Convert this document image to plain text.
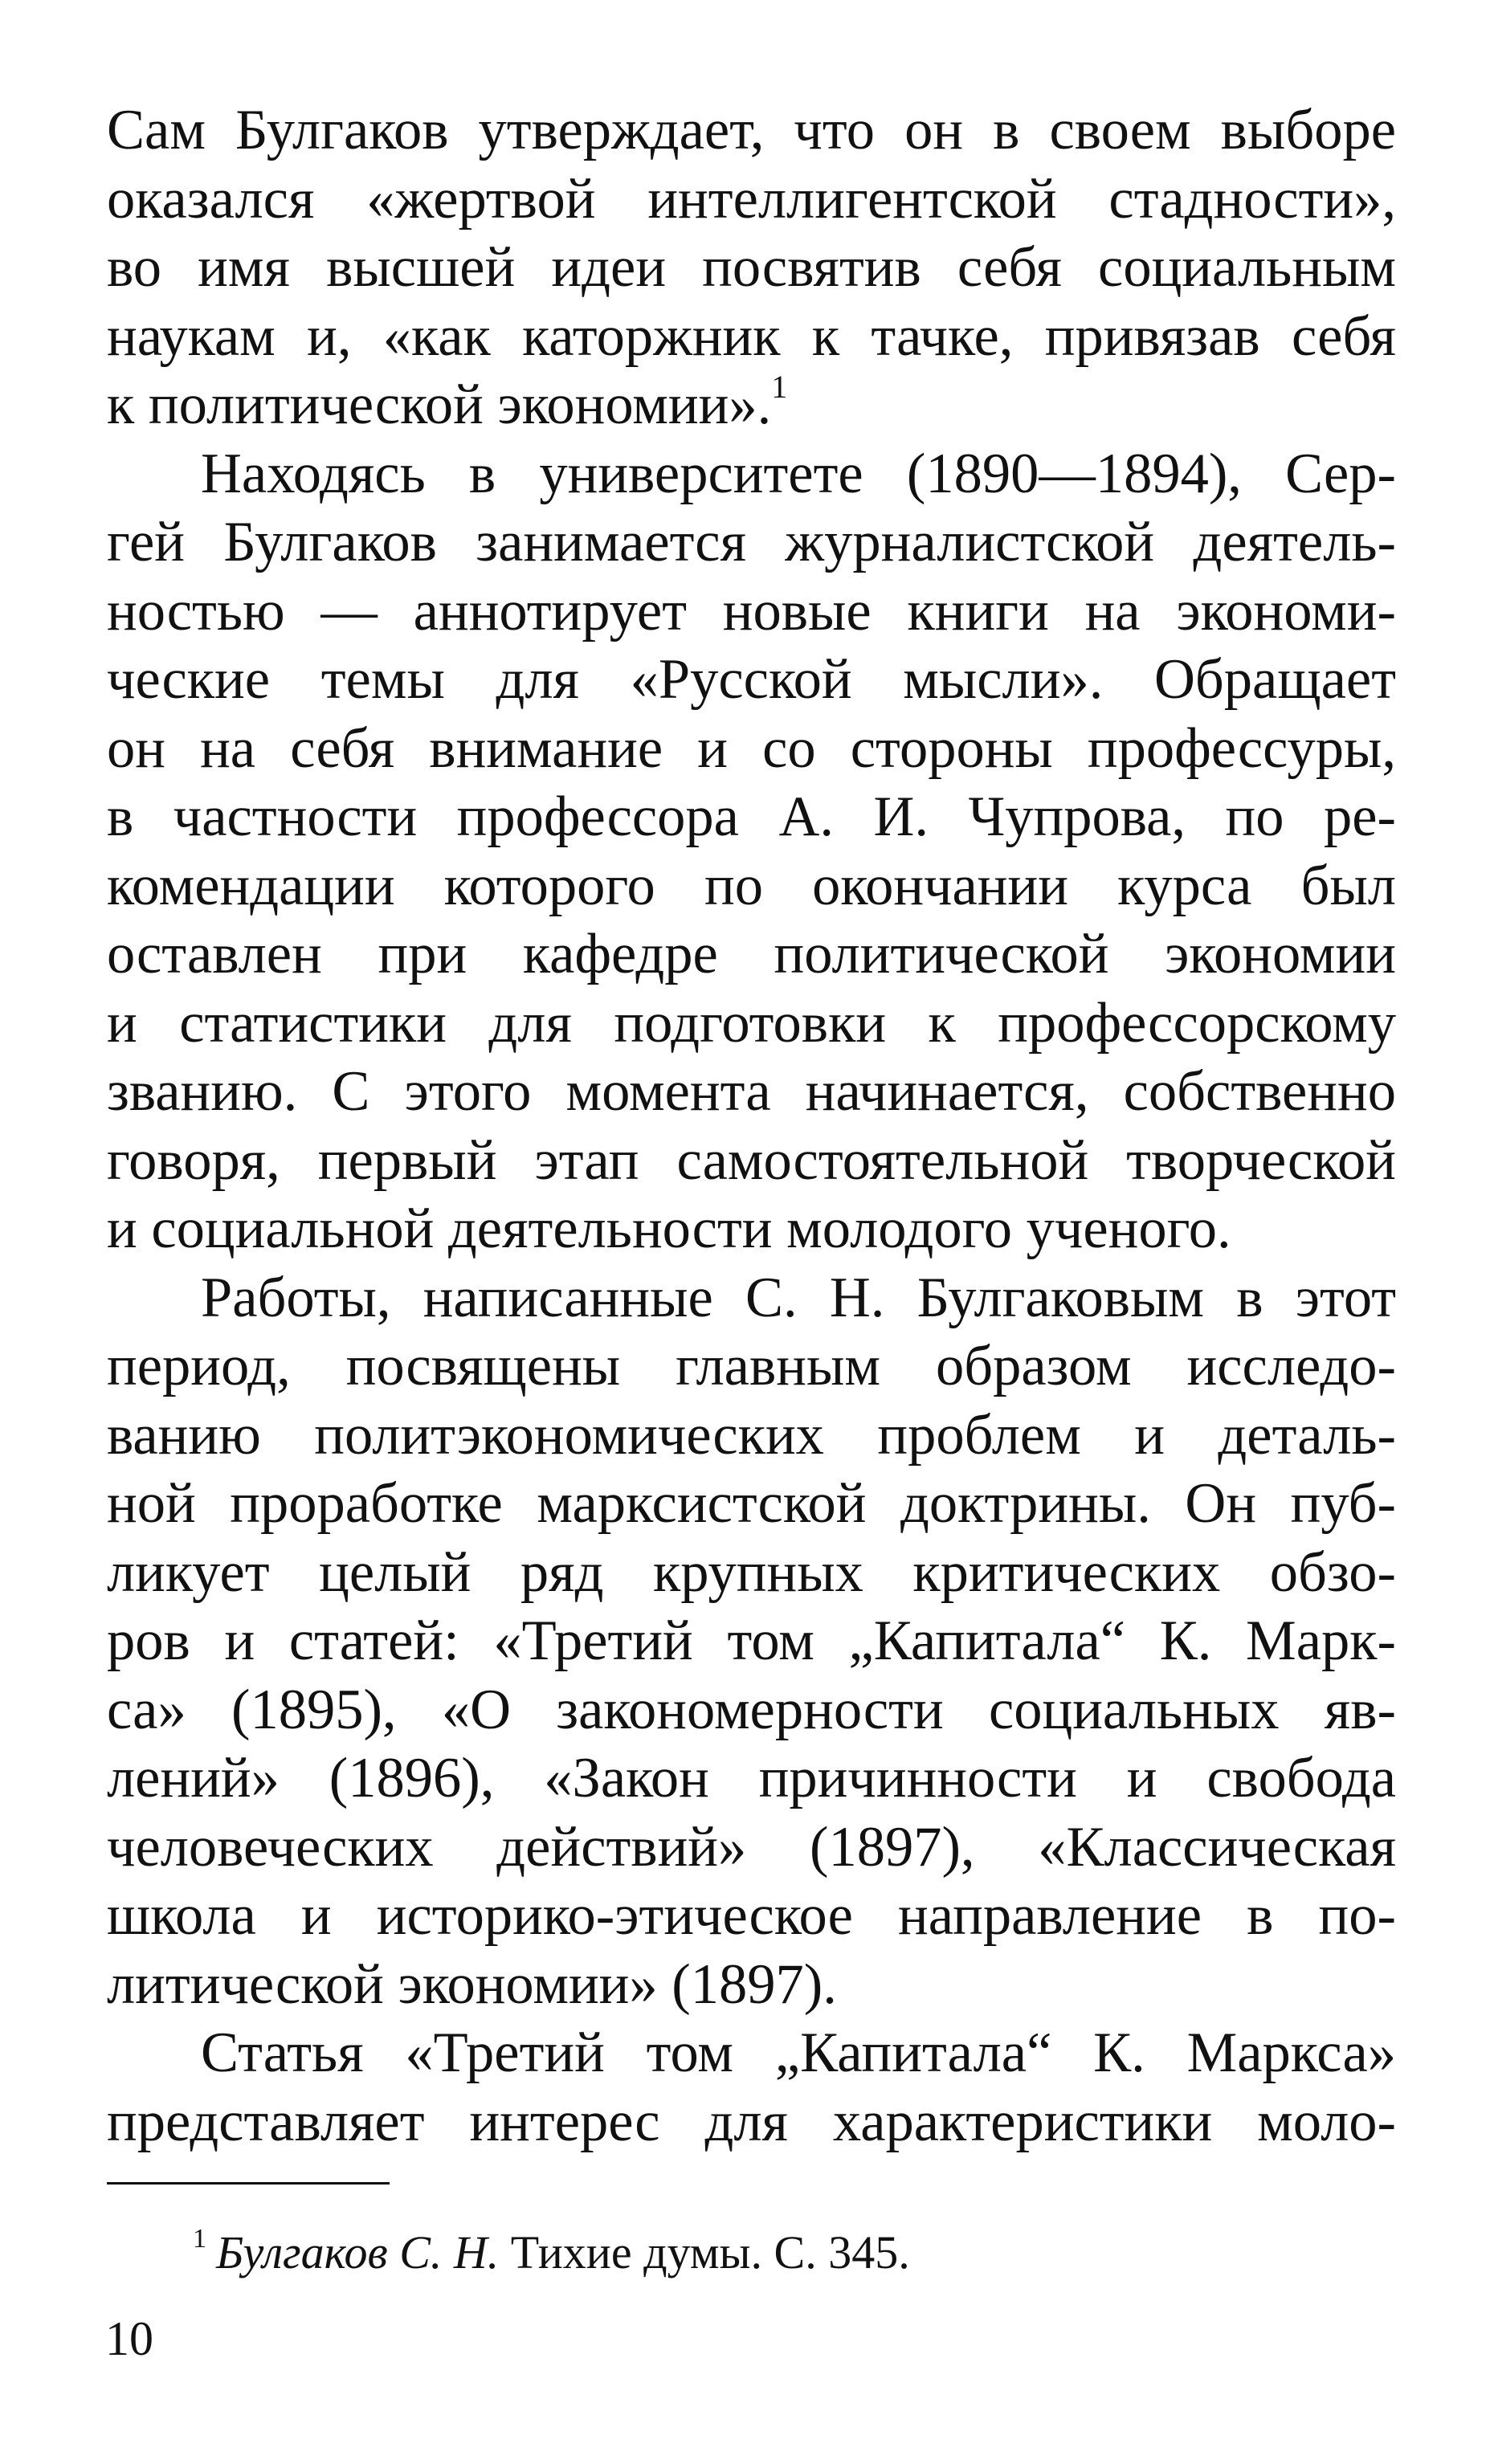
Сам Булгаков утверждает, что он в своем выборе
оказался «жертвой интеллигентской стадности»,
во имя высшей идеи посвятив себя социальным
наукам и, «как каторжник к тачке, привязав себя
к политической экономии».$^1$
Находясь в университете (1890—1894), Сер-
гей Булгаков занимается журналистской деятель-
ностью — аннотирует новые книги на экономи-
ческие темы для «Русской мысли». Обращает
он на себя внимание и со стороны профессуры,
в частности профессора А. И. Чупрова, по ре-
комендации которого по окончании курса был
оставлен при кафедре политической экономии
и статистики для подготовки к профессорскому
званию. С этого момента начинается, собственно
говоря, первый этап самостоятельной творческой
и социальной деятельности молодого ученого.
Работы, написанные С. Н. Булгаковым в этот
период, посвящены главным образом исследо-
ванию политэкономических проблем и деталь-
ной проработке марксистской доктрины. Он пуб-
ликует целый ряд крупных критических обзо-
ров и статей: «Третий том „Капитала“ К. Марк-
са» (1895), «О закономерности социальных яв-
лений» (1896), «Закон причинности и свобода
человеческих действий» (1897), «Классическая
школа и историко-этическое направление в по-
литической экономии» (1897).
Статья «Третий том „Капитала“ К. Маркса»
представляет интерес для характеристики моло-
$^1$ Булгаков С. Н. Тихие думы. С. 345.
10
